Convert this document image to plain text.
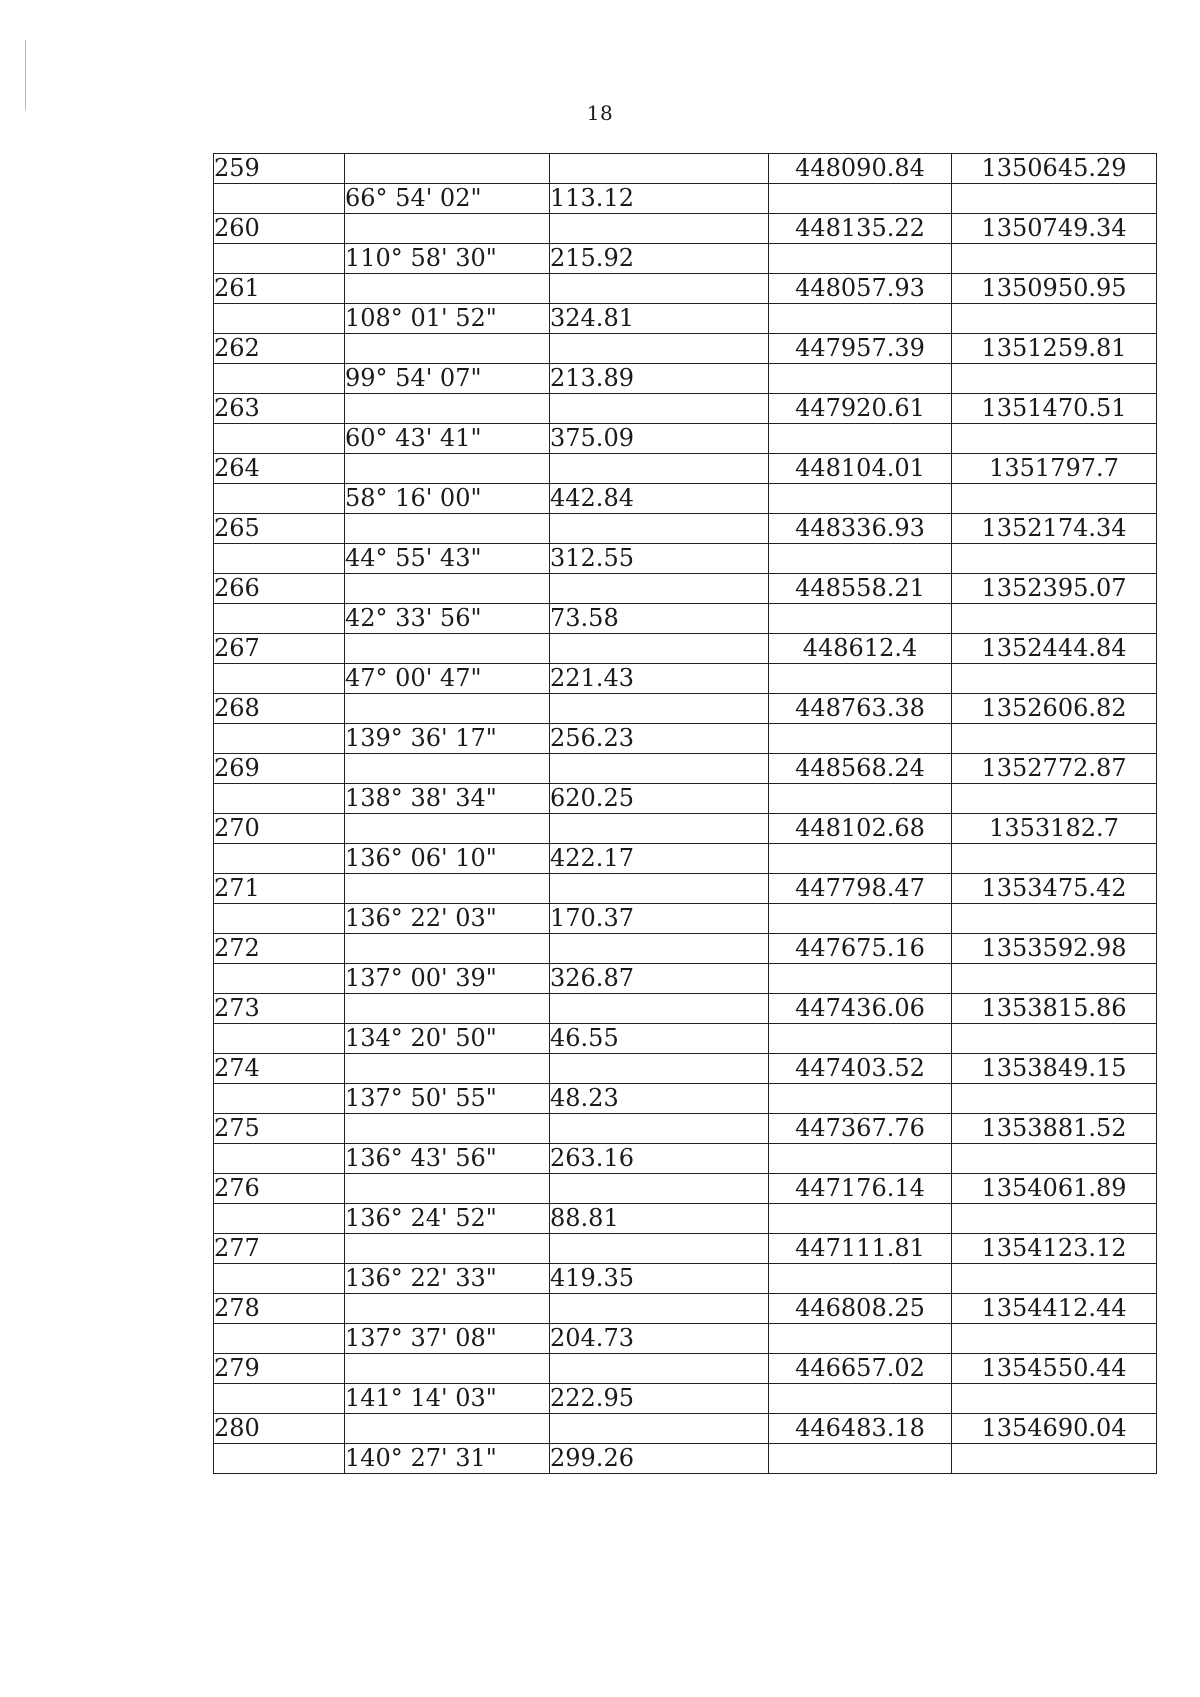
18
259			448090.84	1350645.29
	66° 54' 02"	113.12		
260			448135.22	1350749.34
	110° 58' 30"	215.92		
261			448057.93	1350950.95
	108° 01' 52"	324.81		
262			447957.39	1351259.81
	99° 54' 07"	213.89		
263			447920.61	1351470.51
	60° 43' 41"	375.09		
264			448104.01	1351797.7
	58° 16' 00"	442.84		
265			448336.93	1352174.34
	44° 55' 43"	312.55		
266			448558.21	1352395.07
	42° 33' 56"	73.58		
267			448612.4	1352444.84
	47° 00' 47"	221.43		
268			448763.38	1352606.82
	139° 36' 17"	256.23		
269			448568.24	1352772.87
	138° 38' 34"	620.25		
270			448102.68	1353182.7
	136° 06' 10"	422.17		
271			447798.47	1353475.42
	136° 22' 03"	170.37		
272			447675.16	1353592.98
	137° 00' 39"	326.87		
273			447436.06	1353815.86
	134° 20' 50"	46.55		
274			447403.52	1353849.15
	137° 50' 55"	48.23		
275			447367.76	1353881.52
	136° 43' 56"	263.16		
276			447176.14	1354061.89
	136° 24' 52"	88.81		
277			447111.81	1354123.12
	136° 22' 33"	419.35		
278			446808.25	1354412.44
	137° 37' 08"	204.73		
279			446657.02	1354550.44
	141° 14' 03"	222.95		
280			446483.18	1354690.04
	140° 27' 31"	299.26		
